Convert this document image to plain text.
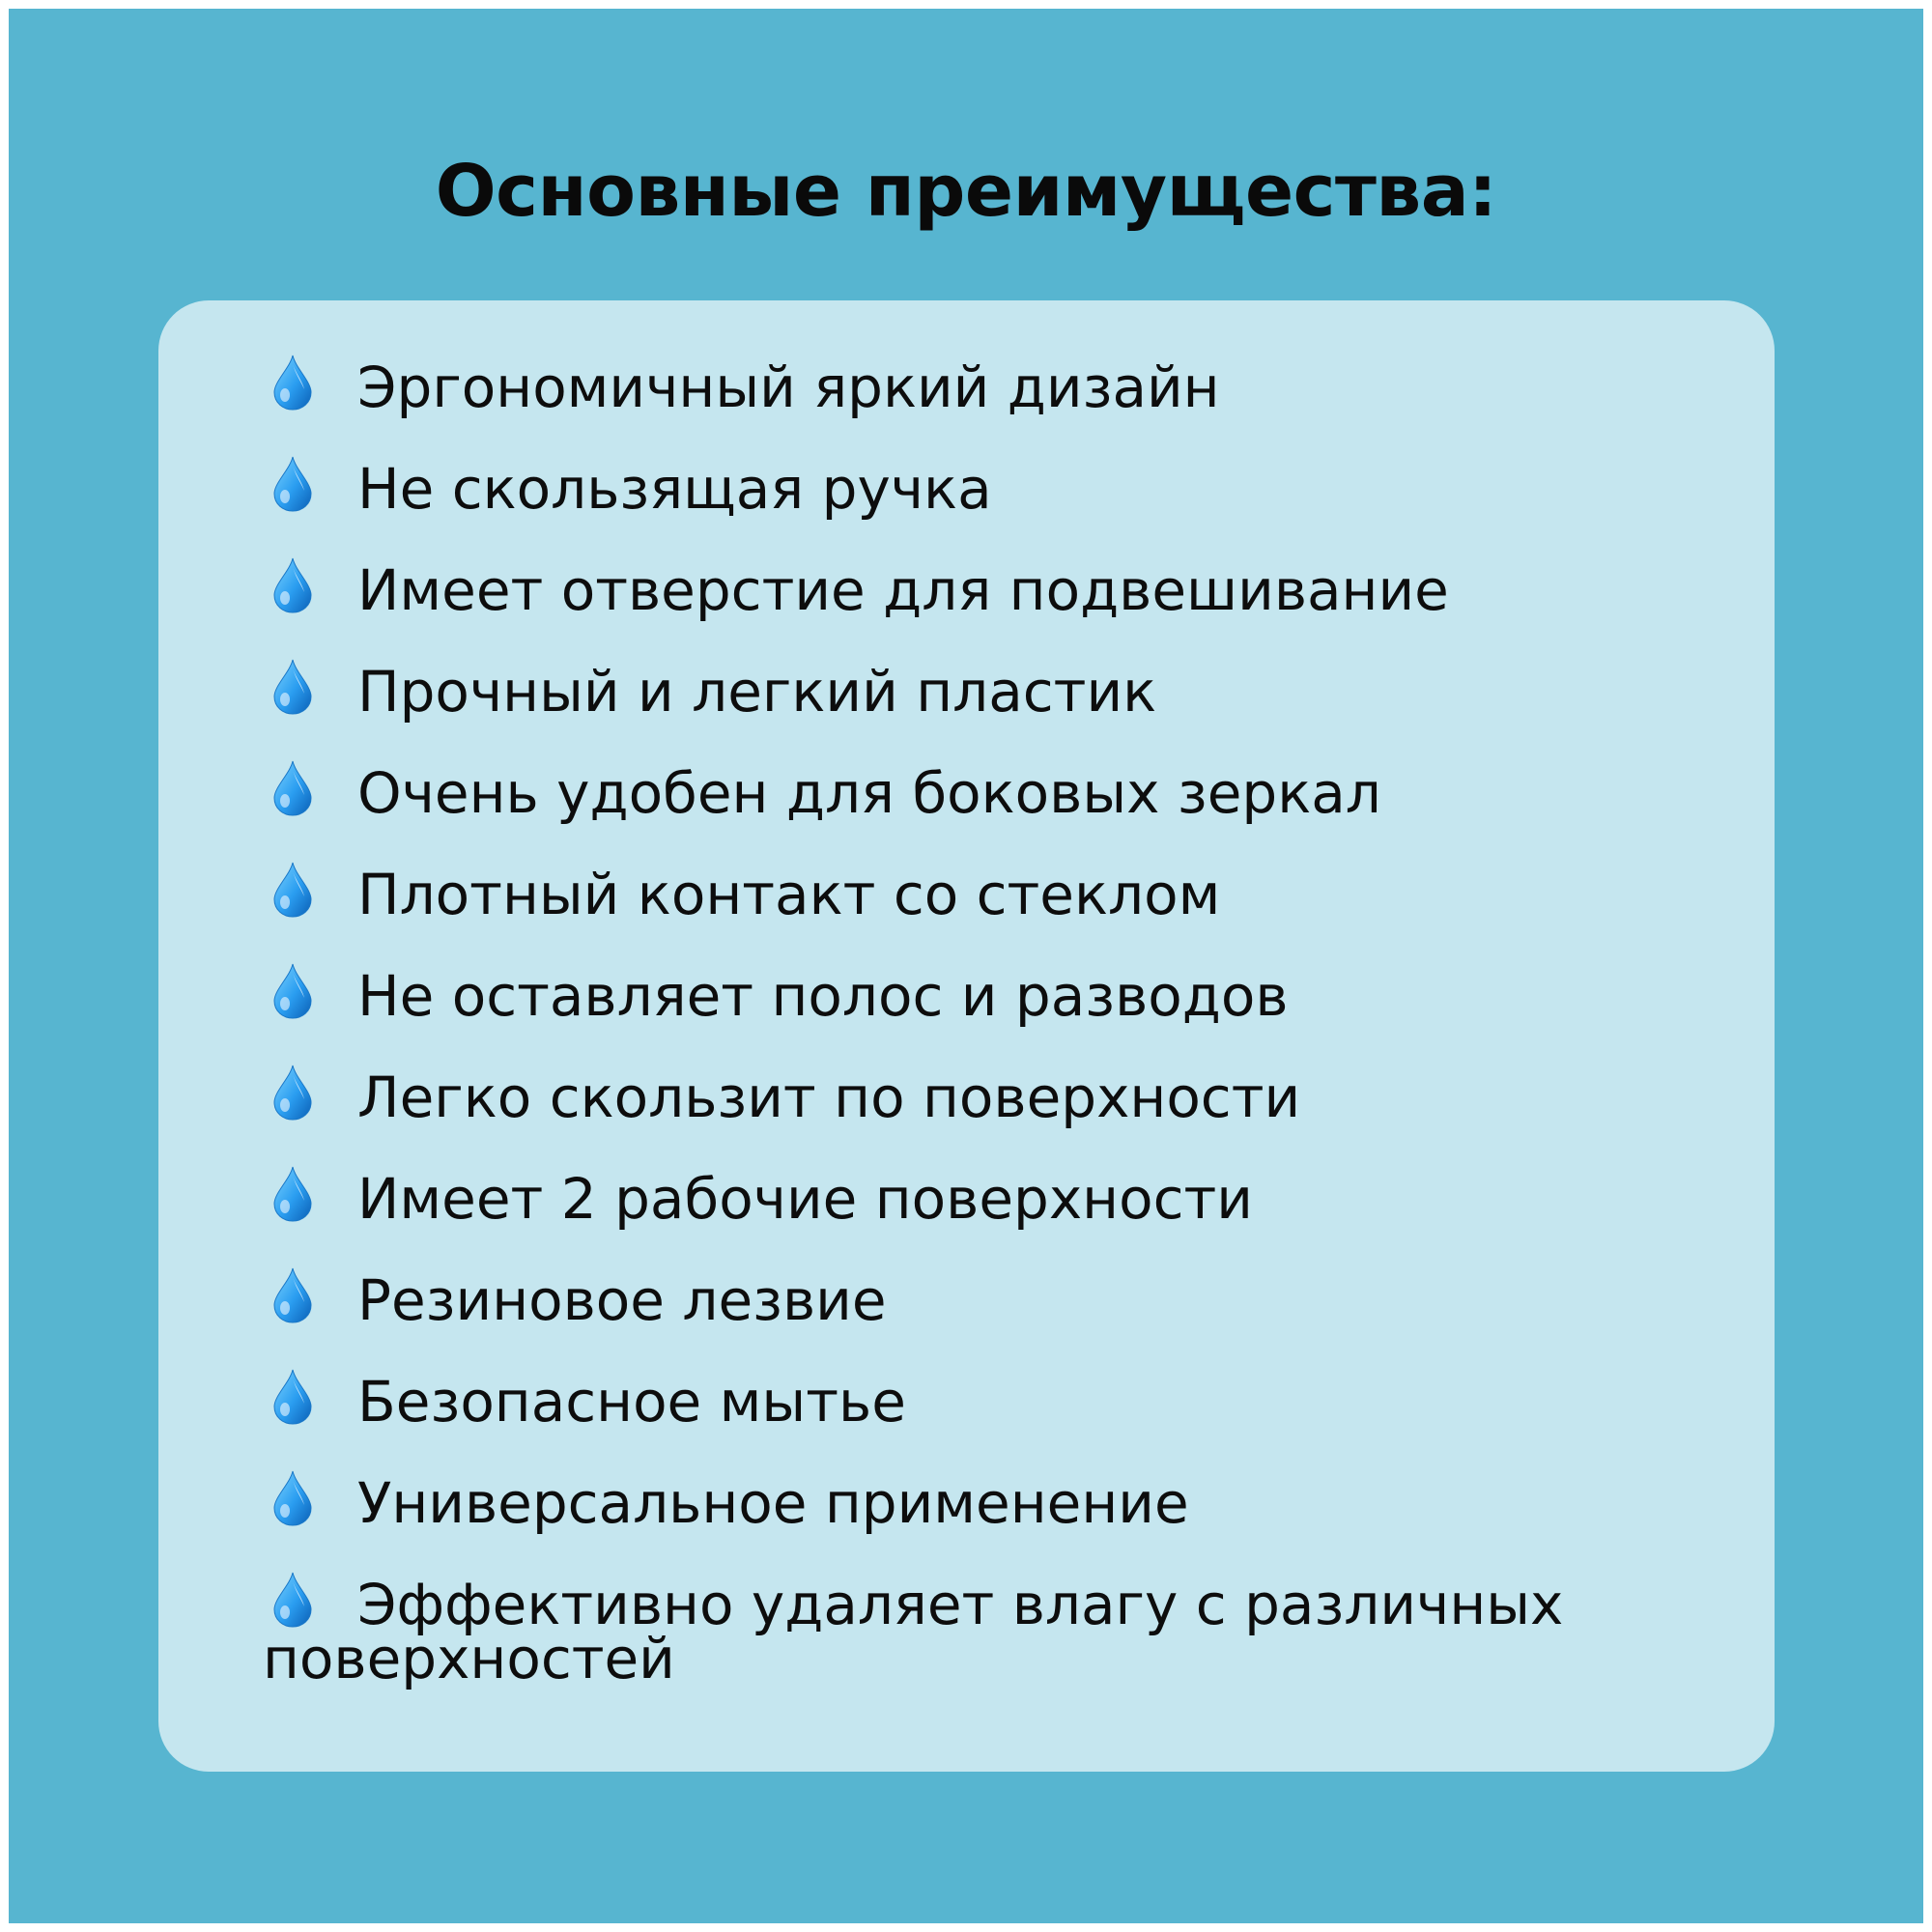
Основные преимущества:
Эргономичный яркий дизайн
Не скользящая ручка
Имеет отверстие для подвешивание
Прочный и легкий пластик
Очень удобен для боковых зеркал
Плотный контакт со стеклом
Не оставляет полос и разводов
Легко скользит по поверхности
Имеет 2 рабочие поверхности
Резиновое лезвие
Безопасное мытье
Универсальное применение
Эффективно удаляет влагу с различных поверхностей
